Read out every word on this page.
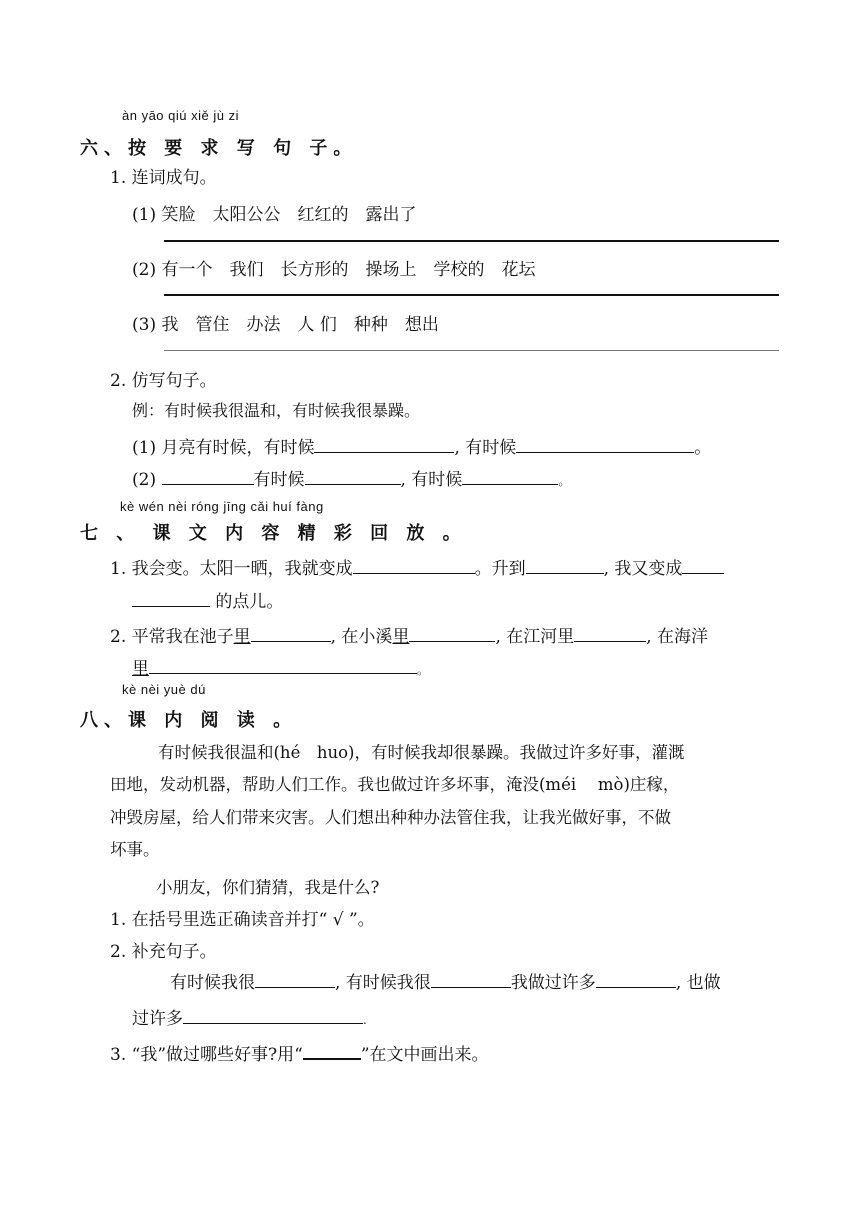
àn yāo qiú xiě jù zi
六、按 要 求 写 句 子。
1. 连词成句。
(1) 笑脸　太阳公公　红红的　露出了
(2) 有一个　我们　长方形的　操场上　学校的　花坛
(3) 我　管住　办法　人 们　种种　想出
2. 仿写句子。
例：有时候我很温和，有时候我很暴躁。
(1) 月亮有时候，有时候	, 有时候	。
(2)	有时候	, 有时候	。
kè wén nèi róng jīng cǎi huí fàng
七 、 课 文 内 容 精 彩 回 放 。
1. 我会变。太阳一晒，我就变成	。升到	, 我又变成
的点儿。
2. 平常我在池子里	, 在小溪里	, 在江河里	, 在海洋
里	。
kè nèi yuè dú
八、课 内 阅 读 。
有时候我很温和(hé　huo)，有时候我却很暴躁。我做过许多好事，灌溉
田地，发动机器，帮助人们工作。我也做过许多坏事，淹没(méi　 mò)庄稼，
冲毁房屋，给人们带来灾害。人们想出种种办法管住我，让我光做好事，不做
坏事。
小朋友，你们猜猜，我是什么?
1. 在括号里选正确读音并打“ √ ”。
2. 补充句子。
有时候我很	, 有时候我很	我做过许多	, 也做
过许多	.
3. “我”做过哪些好事?用“	”在文中画出来。
